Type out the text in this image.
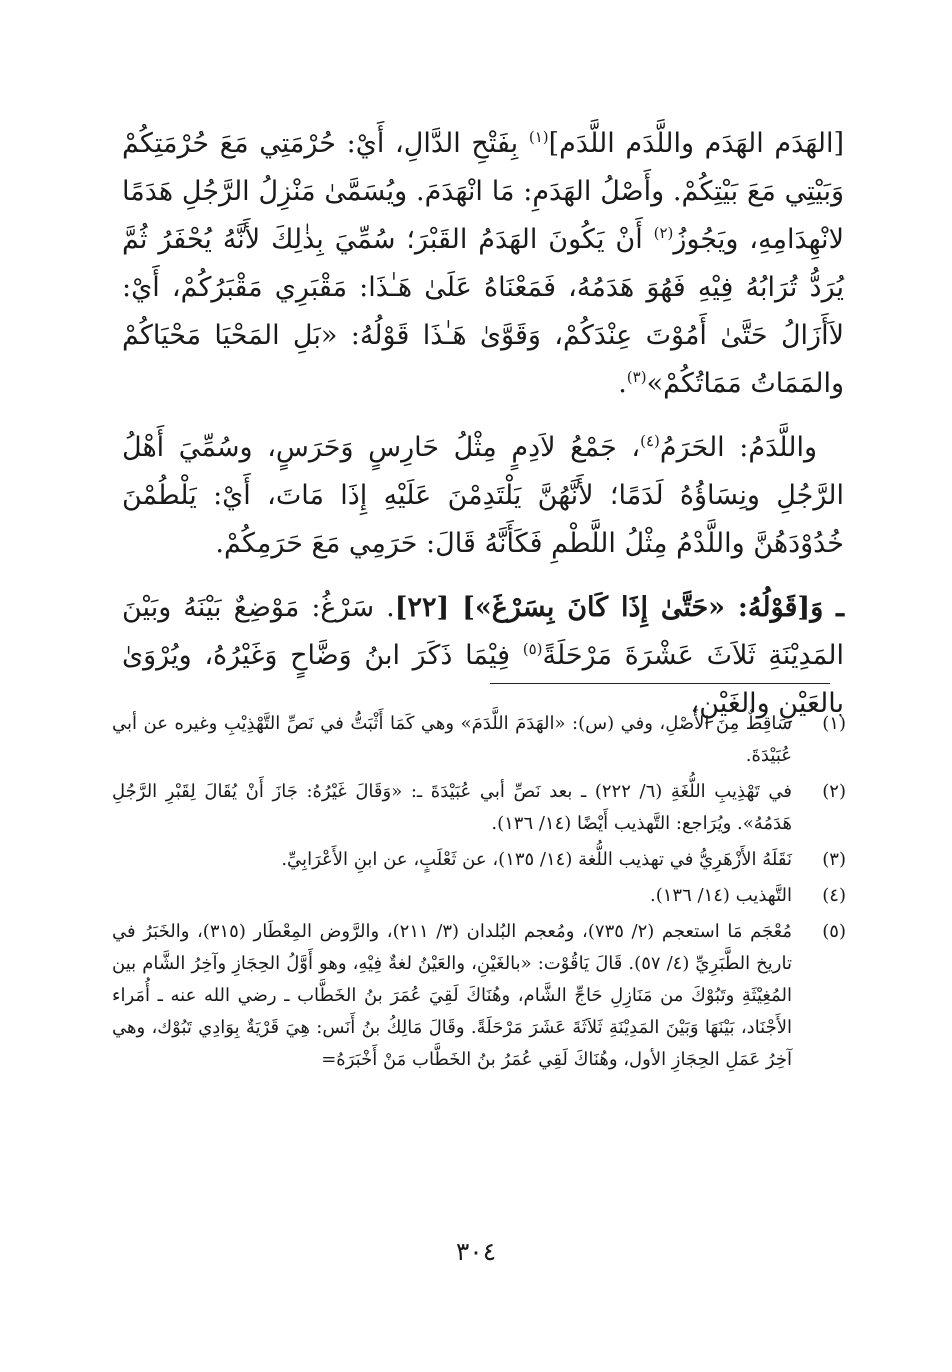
[الهَدَم الهَدَم واللَّدَم اللَّدَم]$^{(١)}$ بِفَتْحِ الدَّالِ، أَيْ: حُرْمَتِي مَعَ حُرْمَتِكُمْ وَبَيْتِي مَعَ بَيْتِكُمْ. وأَصْلُ الهَدَمِ: مَا انْهَدَمَ. ويُسَمَّىٰ مَنْزِلُ الرَّجُلِ هَدَمًا لانْهِدَامِهِ، ويَجُوزُ$^{(٢)}$ أَنْ يَكُونَ الهَدَمُ القَبْرَ؛ سُمِّيَ بِذٰلِكَ لأَنَّهُ يُحْفَرُ ثُمَّ يُرَدُّ تُرَابُهُ فِيْهِ فَهُوَ هَدَمُهُ، فَمَعْنَاهُ عَلَىٰ هَـٰذَا: مَقْبَرِي مَقْبَرُكُمْ، أَيْ: لاَأَزَالُ حَتَّىٰ أَمُوْتَ عِنْدَكُمْ، وَقَوَّىٰ هَـٰذَا قَوْلُهُ: «بَلِ المَحْيَا مَحْيَاكُمْ والمَمَاتُ مَمَاتُكُمْ»$^{(٣)}$.

 واللَّدَمُ: الحَرَمُ$^{(٤)}$، جَمْعُ لاَدِمٍ مِثْلُ حَارِسٍ وَحَرَسٍ، وسُمِّيَ أَهْلُ الرَّجُلِ ونِسَاؤُهُ لَدَمًا؛ لأَنَّهُنَّ يَلْتَدِمْنَ عَلَيْهِ إِذَا مَاتَ، أَيْ: يَلْطُمْنَ خُدُوْدَهُنَّ واللَّدْمُ مِثْلُ اللَّطْمِ فَكَأَنَّهُ قَالَ: حَرَمِي مَعَ حَرَمِكُمْ.

ـ وَ[قَوْلُهُ: «حَتَّىٰ إِذَا كَانَ بِسَرْغَ»] [٢٢]. سَرْغُ: مَوْضِعٌ بَيْنَهُ وبَيْنَ المَدِيْنَةِ ثَلاَثَ عَشْرَةَ مَرْحَلَةً$^{(٥)}$ فِيْمَا ذَكَرَ ابنُ وَضَّاحٍ وَغَيْرُهُ، ويُرْوَىٰ بالعَيْنِ والغَيْنِ،

(١)
سَاقِطٌ مِنَ الأَصْلِ، وفي (س): «الهَدَمَ اللَّدَمَ» وهي كَمَا أَثْبَتُّ في نَصِّ التَّهْذِيْبِ وغيره عن أبي عُبَيْدَةَ.
(٢)
في تَهْذِيبِ اللُّغَةِ (٦/ ٢٢٢) ـ بعد نَصِّ أبي عُبَيْدَةَ ـ: «وَقَالَ غَيْرُهُ: جَازَ أَنْ يُقَالَ لِقَبْرِ الرَّجُلِ هَدَمُهُ». ويُرَاجع: التَّهذيب أَيْضًا (١٤/ ١٣٦).
(٣)
نَقَلَهُ الأَزْهَرِيُّ في تهذيب اللُّغة (١٤/ ١٣٥)، عن ثَعْلَبٍ، عن ابنِ الأَعْرَابِيِّ.
(٤)
التَّهذيب (١٤/ ١٣٦).
(٥)
مُعْجَم مَا استعجم (٢/ ٧٣٥)، ومُعجم البُلدان (٣/ ٢١١)، والرَّوض المِعْطَار (٣١٥)، والخَبَرُ في تاريخ الطَّبَرِيِّ (٤/ ٥٧). قَالَ يَاقُوْت: «بالغَيْنِ، والعَيْنُ لغةٌ فِيْهِ، وهو أَوَّلُ الحِجَازِ وآخِرُ الشَّام بين المُغِيْثَةِ وتَبُوْكَ من مَنَازِلِ حَاجِّ الشَّام، وهُنَاكَ لَقِيَ عُمَرَ بنُ الخَطَّاب ـ رضي الله عنه ـ أُمَراء الأَجْنَاد، بَيْنَهَا وَبَيْنَ المَدِيْنَةِ ثَلاَثَةَ عَشَرَ مَرْحَلَةً. وقَالَ مَالِكُ بنُ أَنَس: هِيَ قَرْيَةٌ بِوَادِي تَبُوْك، وهي آخِرُ عَمَلِ الحِجَازِ الأول، وهُنَاكَ لَقِي عُمَرُ بنُ الخَطَّاب مَنْ أَخْبَرَهُ=
٣٠٤
